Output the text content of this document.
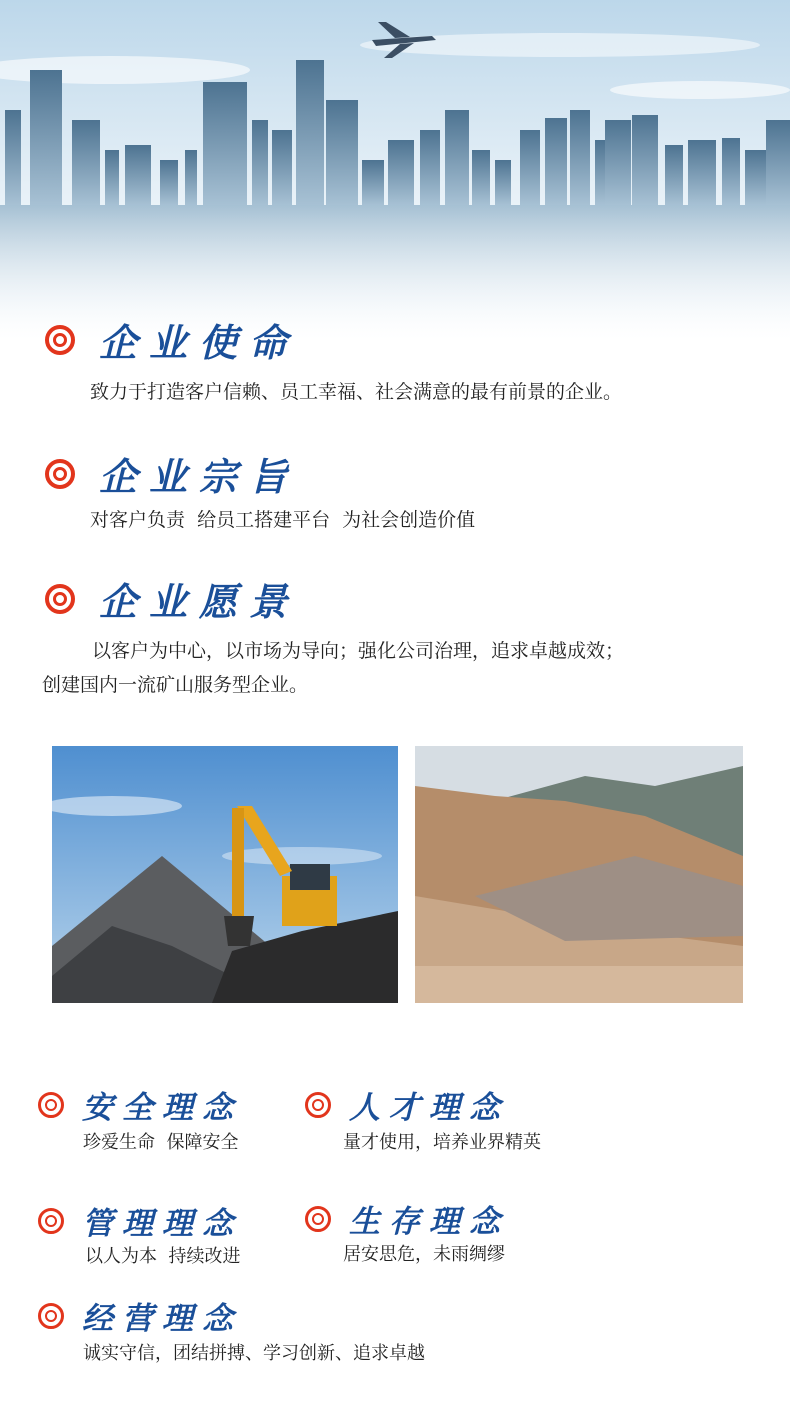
企业使命
致力于打造客户信赖、员工幸福、社会满意的最有前景的企业。
企业宗旨
对客户负责  给员工搭建平台  为社会创造价值
企业愿景
以客户为中心，以市场为导向；强化公司治理，追求卓越成效；
创建国内一流矿山服务型企业。
安全理念
珍爱生命  保障安全
人才理念
量才使用，培养业界精英
管理理念
以人为本  持续改进
生存理念
居安思危，未雨绸缪
经营理念
诚实守信，团结拼搏、学习创新、追求卓越
